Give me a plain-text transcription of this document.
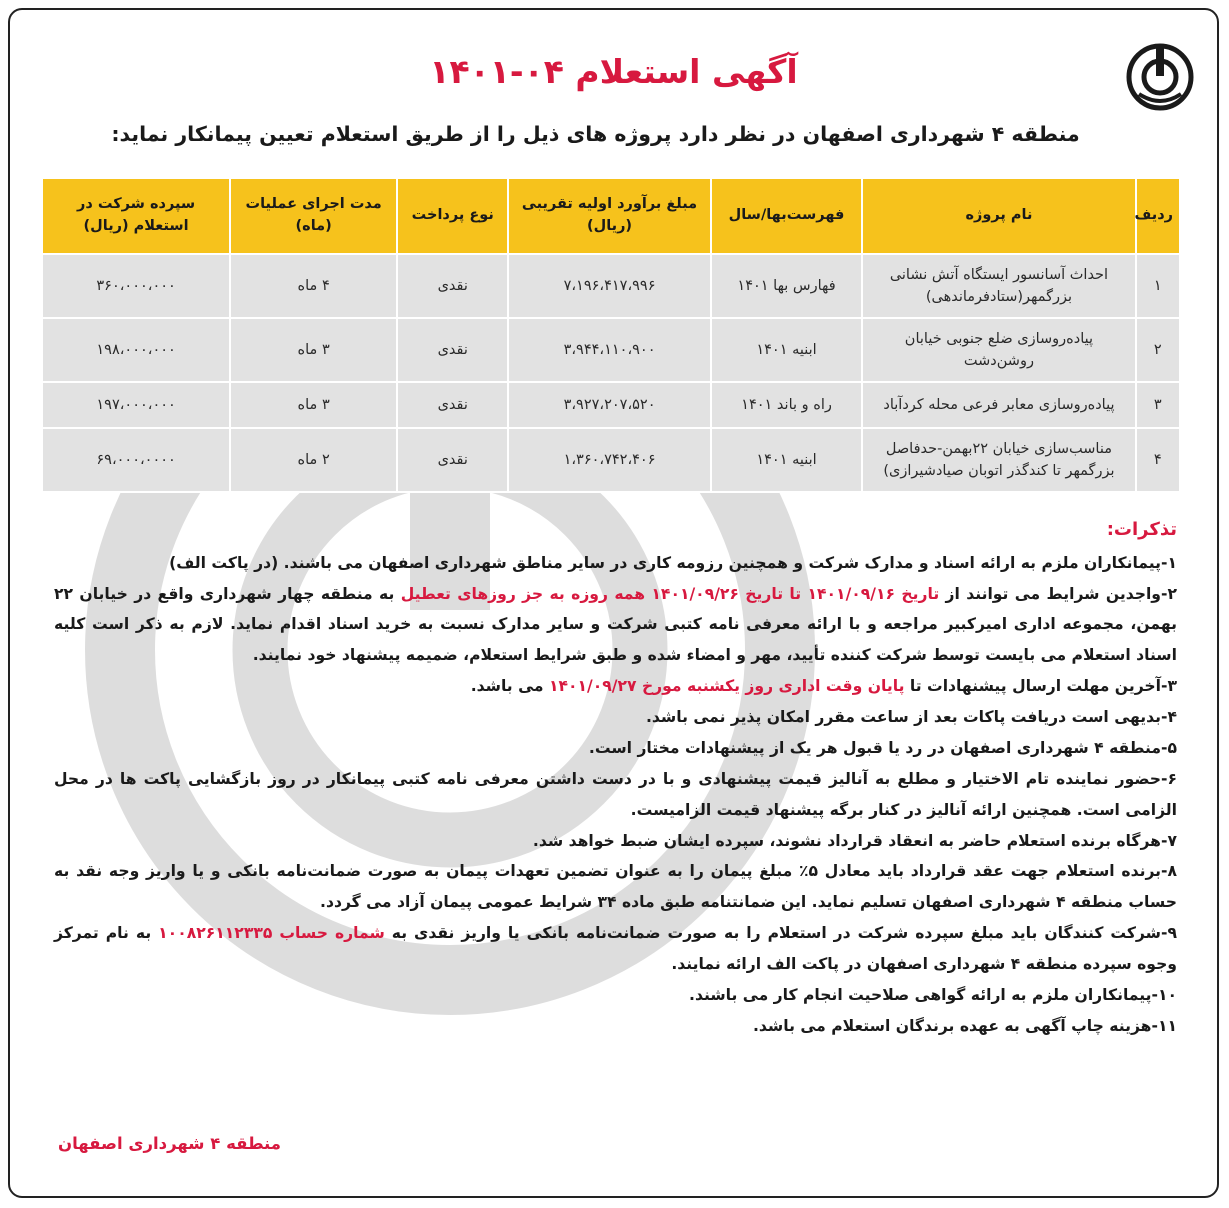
آگهی استعلام ۰۴-۱۴۰۱
منطقه ۴ شهرداری اصفهان در نظر دارد پروژه های ذیل را از طریق استعلام تعیین پیمانکار نماید:
ردیف	نام پروژه	فهرست‌بها/سال	مبلغ برآورد اولیه تقریبی (ریال)	نوع پرداخت	مدت اجرای عملیات (ماه)	سپرده شرکت در استعلام (ریال)
۱	احداث آسانسور ایستگاه آتش نشانی بزرگمهر(ستادفرماندهی)	فهارس بها ۱۴۰۱	۷،۱۹۶،۴۱۷،۹۹۶	نقدی	۴ ماه	۳۶۰،۰۰۰،۰۰۰
۲	پیاده‌روسازی ضلع جنوبی خیابان روشن‌دشت	ابنیه ۱۴۰۱	۳،۹۴۴،۱۱۰،۹۰۰	نقدی	۳ ماه	۱۹۸،۰۰۰،۰۰۰
۳	پیاده‌روسازی معابر فرعی محله کردآباد	راه و باند ۱۴۰۱	۳،۹۲۷،۲۰۷،۵۲۰	نقدی	۳ ماه	۱۹۷،۰۰۰،۰۰۰
۴	مناسب‌سازی خیابان ۲۲بهمن-حدفاصل بزرگمهر تا کندگذر اتوبان صیادشیرازی)	ابنیه ۱۴۰۱	۱،۳۶۰،۷۴۲،۴۰۶	نقدی	۲ ماه	۶۹،۰۰۰،۰۰۰۰
تذکرات:

۱-پیمانکاران ملزم به ارائه اسناد و مدارک شرکت و همچنین رزومه کاری در سایر مناطق شهرداری اصفهان می باشند. (در پاکت الف)

۲-واجدین شرایط می توانند از تاریخ ۱۴۰۱/۰۹/۱۶ تا تاریخ ۱۴۰۱/۰۹/۲۶ همه روزه به جز روزهای تعطیل به منطقه چهار شهرداری واقع در خیابان ۲۲ بهمن، مجموعه اداری امیرکبیر مراجعه و با ارائه معرفی نامه کتبی شرکت و سایر مدارک نسبت به خرید اسناد اقدام نماید. لازم به ذکر است کلیه اسناد استعلام می بایست توسط شرکت کننده تأیید، مهر و امضاء شده و طبق شرایط استعلام، ضمیمه پیشنهاد خود نمایند.

۳-آخرین مهلت ارسال پیشنهادات تا پایان وقت اداری روز یکشنبه مورخ ۱۴۰۱/۰۹/۲۷ می باشد.

۴-بدیهی است دریافت پاکات بعد از ساعت مقرر امکان پذیر نمی باشد.

۵-منطقه ۴ شهرداری اصفهان در رد یا قبول هر یک از پیشنهادات مختار است.

۶-حضور نماینده تام الاختیار و مطلع به آنالیز قیمت پیشنهادی و با در دست داشتن معرفی نامه کتبی پیمانکار در روز بازگشایی پاکت ها در محل الزامی است. همچنین ارائه آنالیز در کنار برگه پیشنهاد قیمت الزامیست.

۷-هرگاه برنده استعلام حاضر به انعقاد قرارداد نشوند، سپرده ایشان ضبط خواهد شد.

۸-برنده استعلام جهت عقد قرارداد باید معادل ۵٪ مبلغ پیمان را به عنوان تضمین تعهدات پیمان به صورت ضمانت‌نامه بانکی و یا واریز وجه نقد به حساب منطقه ۴ شهرداری اصفهان تسلیم نماید. این ضمانتنامه طبق ماده ۳۴ شرایط عمومی پیمان آزاد می گردد.

۹-شرکت کنندگان باید مبلغ سپرده شرکت در استعلام را به صورت ضمانت‌نامه بانکی یا واریز نقدی به شماره حساب ۱۰۰۸۲۶۱۱۲۳۳۵ به نام تمرکز وجوه سپرده منطقه ۴ شهرداری اصفهان در پاکت الف ارائه نمایند.

۱۰-پیمانکاران ملزم به ارائه گواهی صلاحیت انجام کار می باشند.

۱۱-هزینه چاپ آگهی به عهده برندگان استعلام می باشد.

منطقه ۴ شهرداری اصفهان
